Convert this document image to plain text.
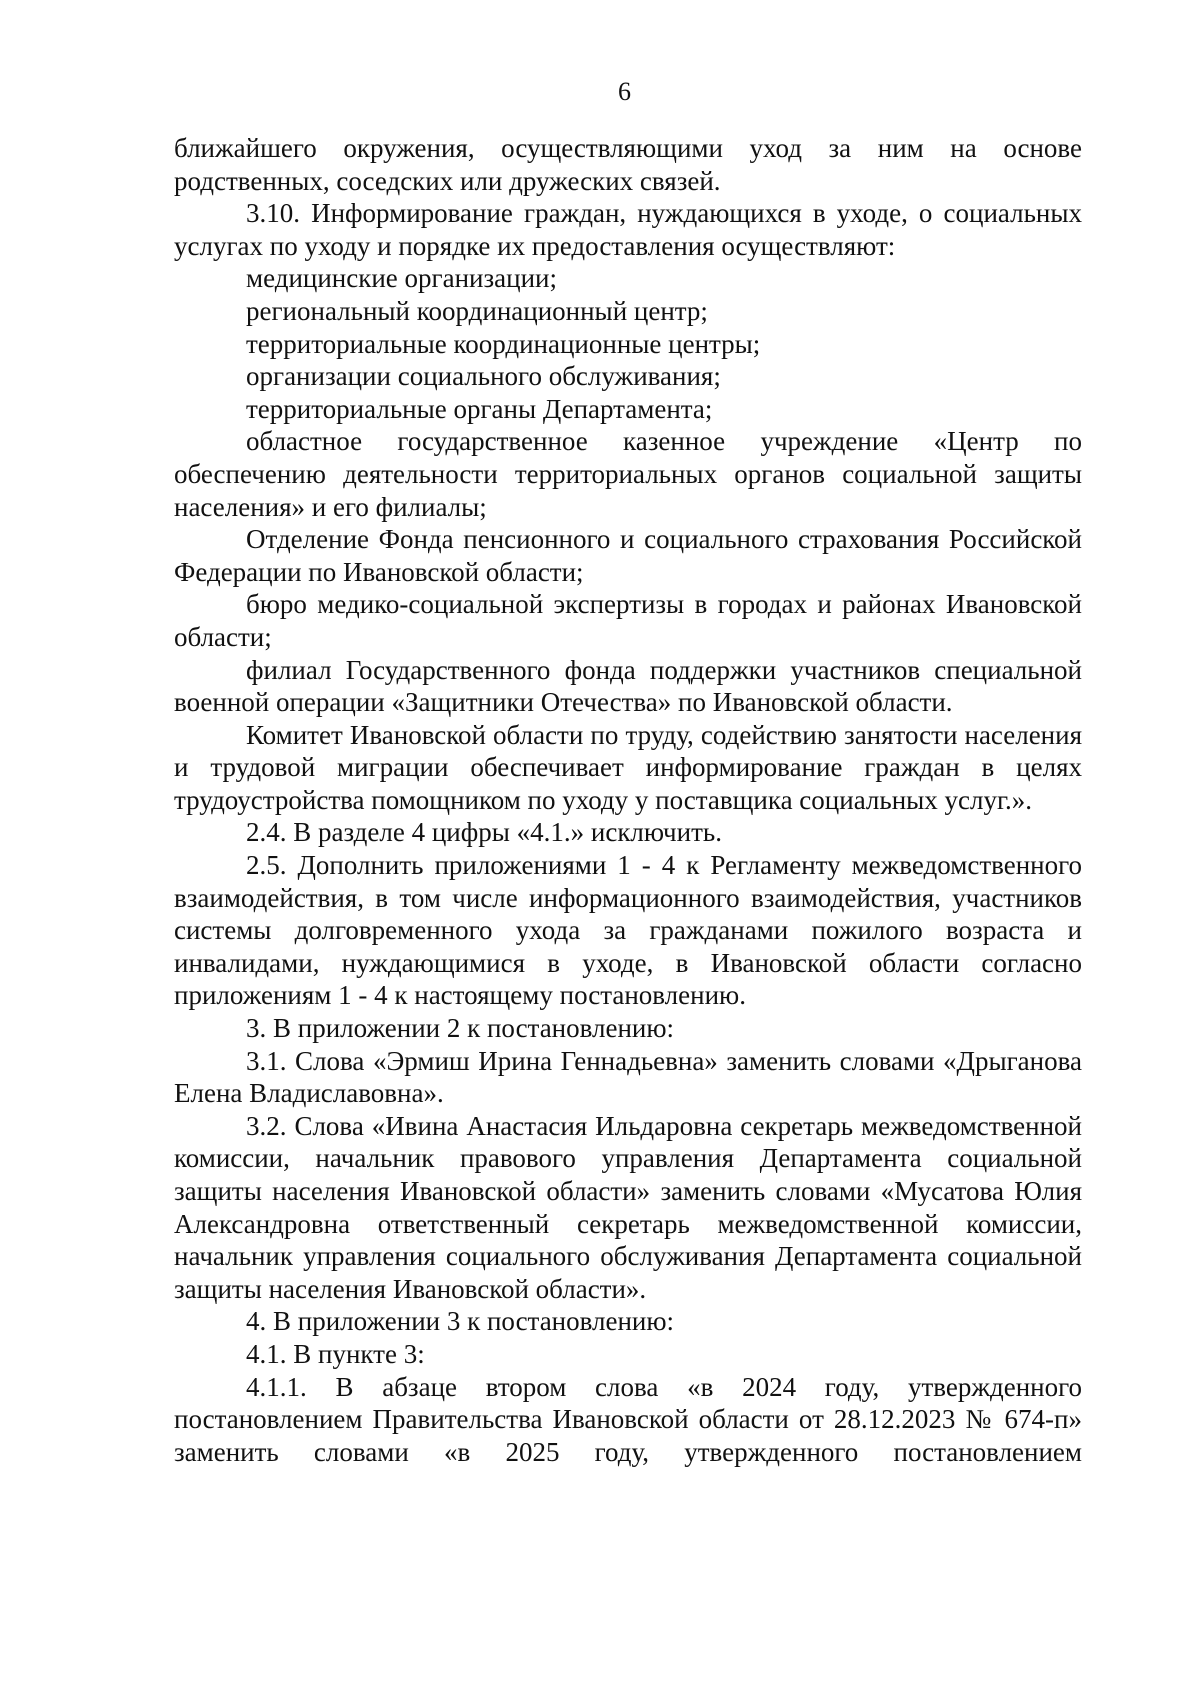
6

ближайшего окружения, осуществляющими уход за ним на основе родственных, соседских или дружеских связей.

3.10. Информирование граждан, нуждающихся в уходе, о социальных услугах по уходу и порядке их предоставления осуществляют:

медицинские организации;

региональный координационный центр;

территориальные координационные центры;

организации социального обслуживания;

территориальные органы Департамента;

областное государственное казенное учреждение «Центр по обеспечению деятельности территориальных органов социальной защиты населения» и его филиалы;

Отделение Фонда пенсионного и социального страхования Российской Федерации по Ивановской области;

бюро медико-социальной экспертизы в городах и районах Ивановской области;

филиал Государственного фонда поддержки участников специальной военной операции «Защитники Отечества» по Ивановской области.

Комитет Ивановской области по труду, содействию занятости населения и трудовой миграции обеспечивает информирование граждан в целях трудоустройства помощником по уходу у поставщика социальных услуг.».

2.4. В разделе 4 цифры «4.1.» исключить.

2.5. Дополнить приложениями 1 - 4 к Регламенту межведомственного взаимодействия, в том числе информационного взаимодействия, участников системы долговременного ухода за гражданами пожилого возраста и инвалидами, нуждающимися в уходе, в Ивановской области согласно приложениям 1 - 4 к настоящему постановлению.

3. В приложении 2 к постановлению:

3.1. Слова «Эрмиш Ирина Геннадьевна» заменить словами «Дрыганова Елена Владиславовна».

3.2. Слова «Ивина Анастасия Ильдаровна секретарь межведомственной комиссии, начальник правового управления Департамента социальной защиты населения Ивановской области» заменить словами «Мусатова Юлия Александровна ответственный секретарь межведомственной комиссии, начальник управления социального обслуживания Департамента социальной защиты населения Ивановской области».

4. В приложении 3 к постановлению:

4.1. В пункте 3:

4.1.1. В абзаце втором слова «в 2024 году, утвержденного постановлением Правительства Ивановской области от 28.12.2023 № 674-п» заменить словами «в 2025 году, утвержденного постановлением
